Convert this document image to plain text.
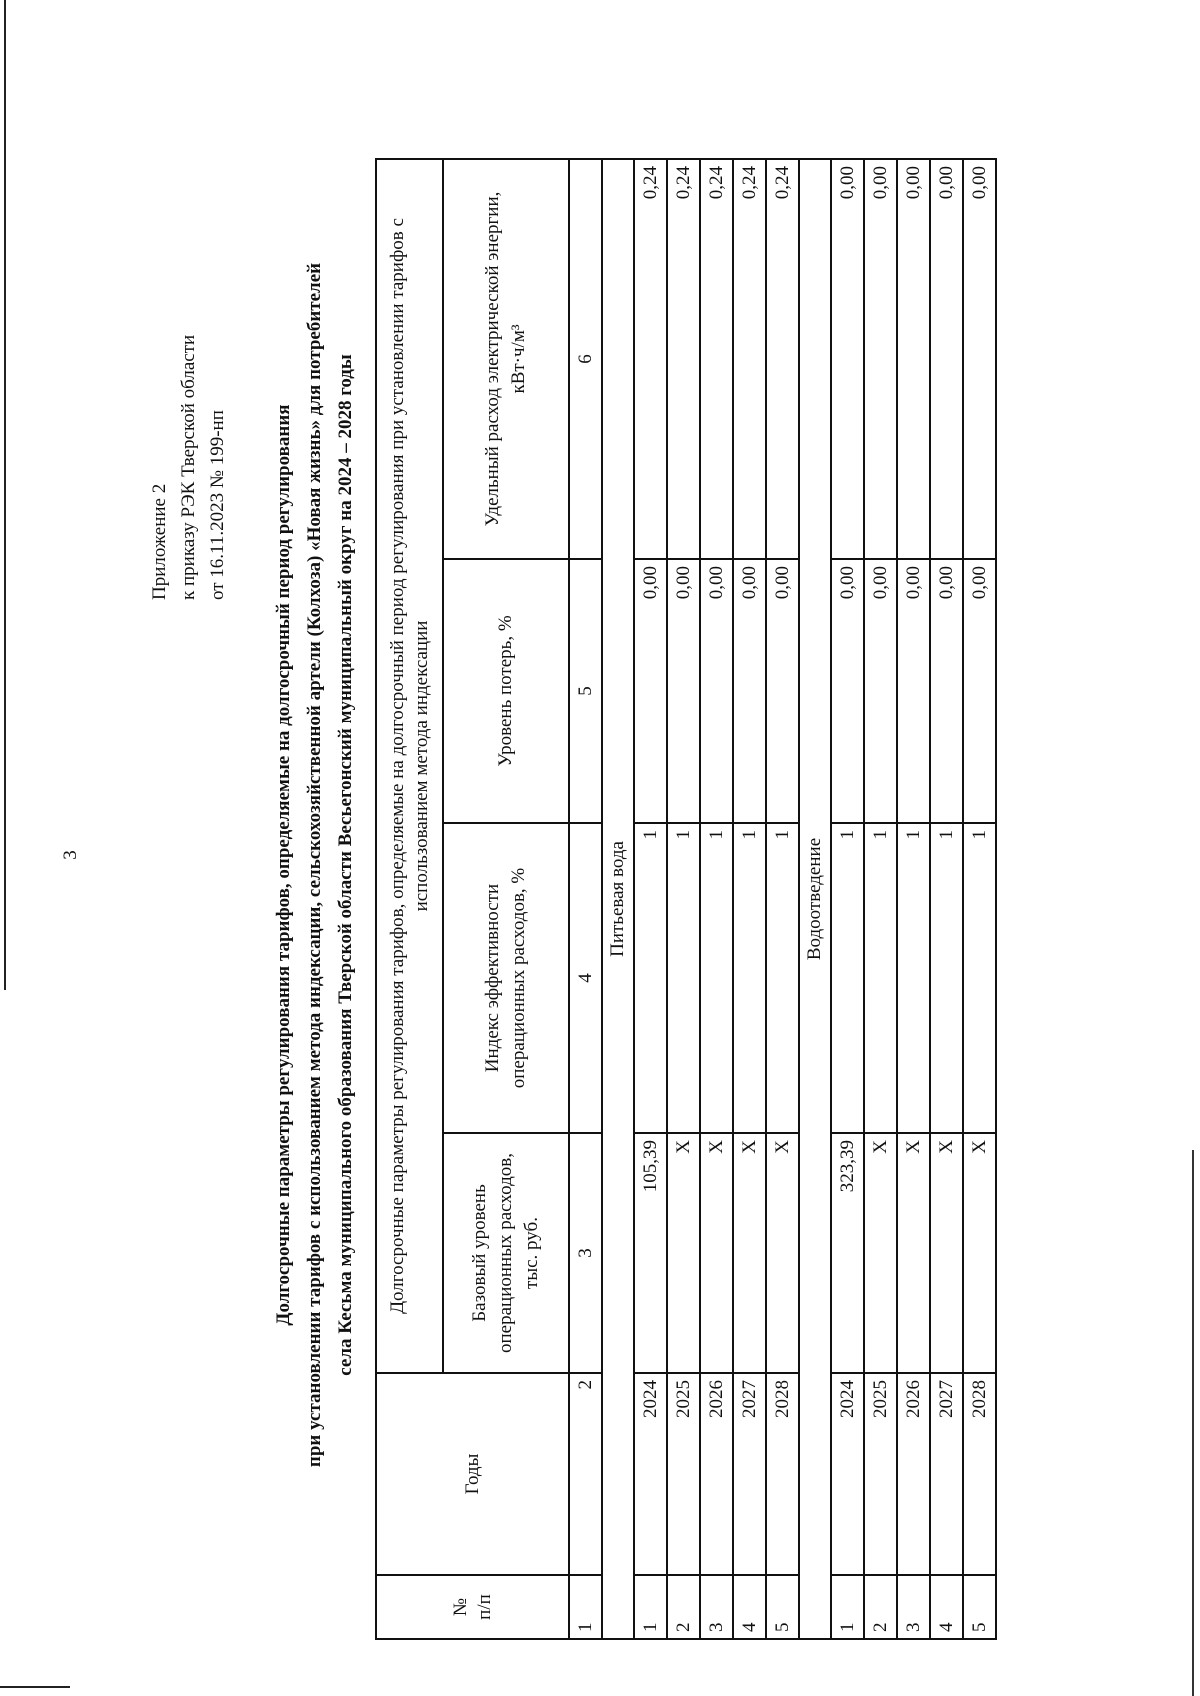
3
Приложение 2 к приказу РЭК Тверской области от 16.11.2023 № 199-нп Долгосрочные параметры регулирования тарифов, определяемые на долгосрочный период регулирования при установлении тарифов с использованием метода индексации, сельскохозяйственной артели (Колхоза) «Новая жизнь» для потребителей села Кесьма муниципального образования Тверской области Весьегонский муниципальный округ на 2024 – 2028 годы
№ п/п	Годы	Долгосрочные параметры регулирования тарифов, определяемые на долгосрочный период регулирования при установлении тарифов с использованием метода индексации			
		Базовый уровень операционных расходов, тыс. руб.	Индекс эффективности операционных расходов, %	Уровень потерь, %	Удельный расход электрической энергии, кВт·ч/м³
1	2	3	4	5	6
Питьевая вода					
1	2024	105,39	1	0,00	0,24
2	2025	Х	1	0,00	0,24
3	2026	Х	1	0,00	0,24
4	2027	Х	1	0,00	0,24
5	2028	Х	1	0,00	0,24
Водоотведение					
1	2024	323,39	1	0,00	0,00
2	2025	Х	1	0,00	0,00
3	2026	Х	1	0,00	0,00
4	2027	Х	1	0,00	0,00
5	2028	Х	1	0,00	0,00
